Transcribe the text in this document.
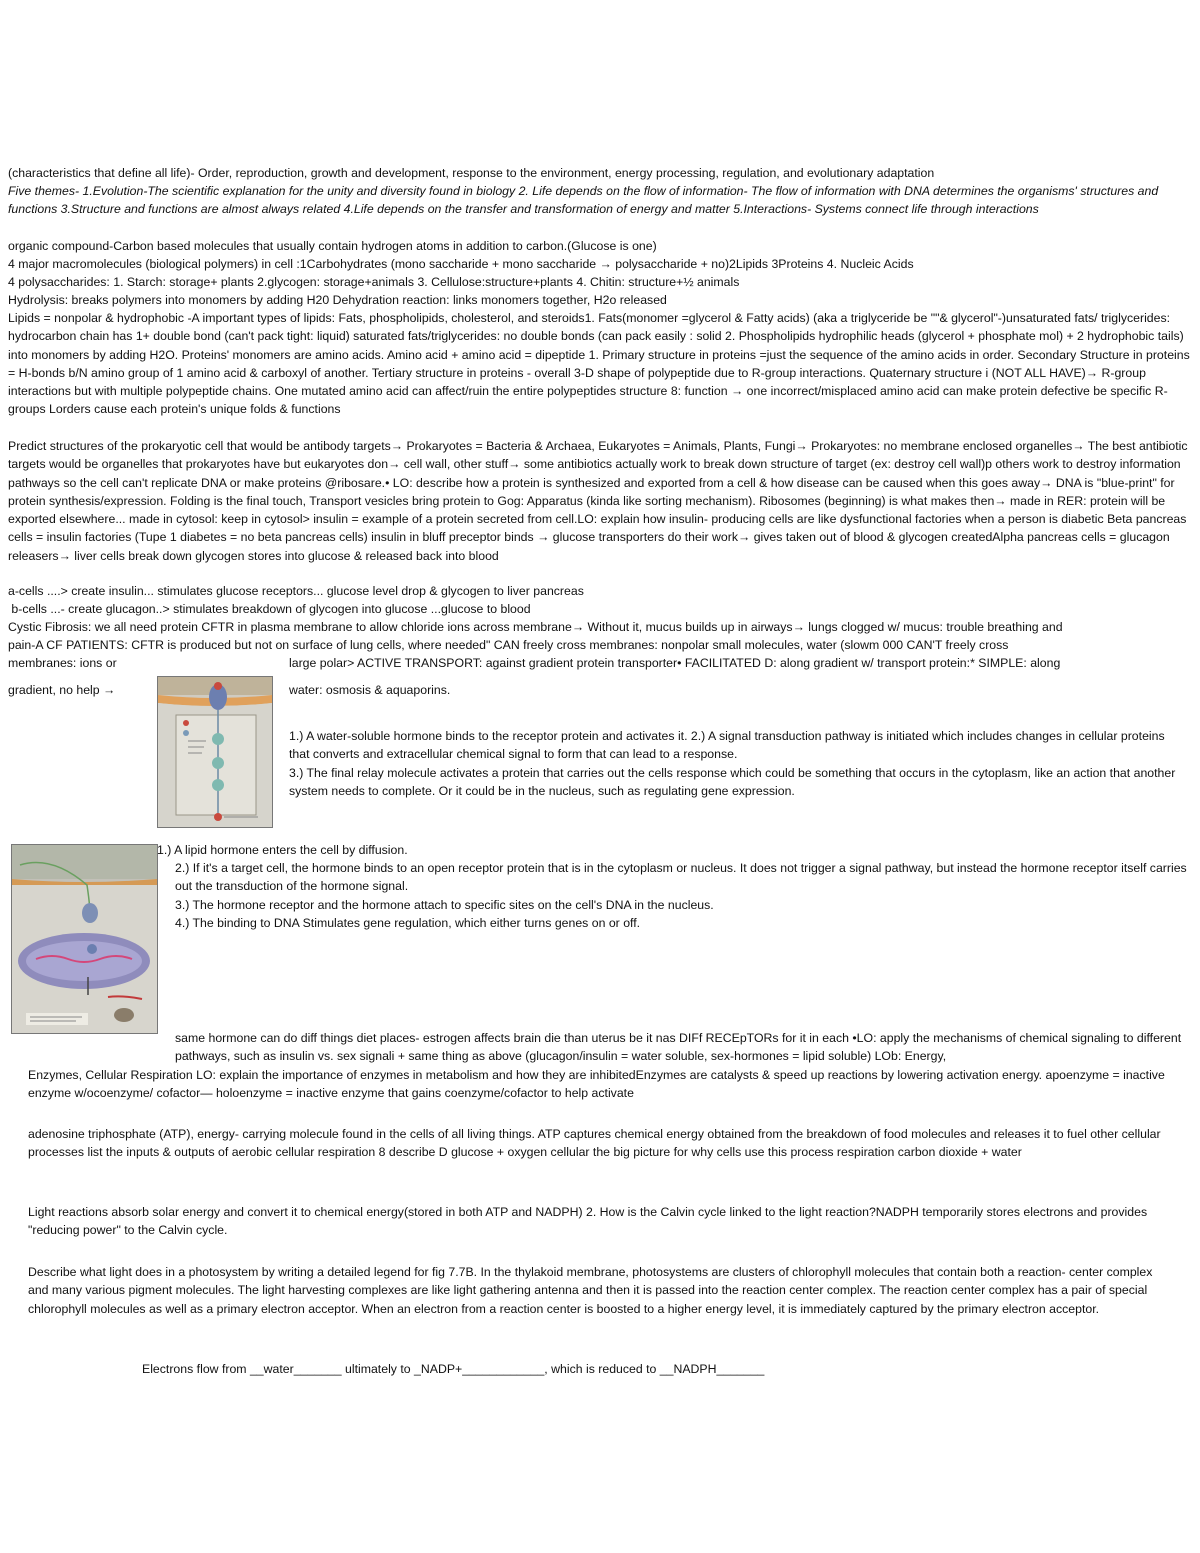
(characteristics that define all life)- Order, reproduction, growth and development, response to the environment, energy processing, regulation, and evolutionary adaptation

Five themes- 1.Evolution-The scientific explanation for the unity and diversity found in biology 2. Life depends on the flow of information- The flow of information with DNA determines the organisms' structures and functions 3.Structure and functions are almost always related 4.Life depends on the transfer and transformation of energy and matter 5.Interactions- Systems connect life through interactions

organic compound-Carbon based molecules that usually contain hydrogen atoms in addition to carbon.(Glucose is one)

4 major macromolecules (biological polymers) in cell :1Carbohydrates (mono saccharide + mono saccharide → polysaccharide + no)2Lipids 3Proteins 4. Nucleic Acids

4 polysaccharides: 1. Starch: storage+ plants 2.glycogen: storage+animals 3. Cellulose:structure+plants 4. Chitin: structure+½ animals

Hydrolysis: breaks polymers into monomers by adding H20 Dehydration reaction: links monomers together, H2o released

Lipids = nonpolar & hydrophobic -A important types of lipids: Fats, phospholipids, cholesterol, and steroids1. Fats(monomer =glycerol & Fatty acids) (aka a triglyceride be ""& glycerol"-)unsaturated fats/ triglycerides: hydrocarbon chain has 1+ double bond (can't pack tight: liquid) saturated fats/triglycerides: no double bonds (can pack easily : solid 2. Phospholipids hydrophilic heads (glycerol + phosphate mol) + 2 hydrophobic tails) into monomers by adding H2O. Proteins' monomers are amino acids. Amino acid + amino acid = dipeptide 1. Primary structure in proteins =just the sequence of the amino acids in order. Secondary Structure in proteins = H-bonds b/N amino group of 1 amino acid & carboxyl of another. Tertiary structure in proteins - overall 3-D shape of polypeptide due to R-group interactions. Quaternary structure i (NOT ALL HAVE)→ R-group interactions but with multiple polypeptide chains. One mutated amino acid can affect/ruin the entire polypeptides structure 8: function → one incorrect/misplaced amino acid can make protein defective be specific R- groups Lorders cause each protein's unique folds & functions

Predict structures of the prokaryotic cell that would be antibody targets→ Prokaryotes = Bacteria & Archaea, Eukaryotes = Animals, Plants, Fungi→ Prokaryotes: no membrane enclosed organelles→ The best antibiotic targets would be organelles that prokaryotes have but eukaryotes don→ cell wall, other stuff→ some antibiotics actually work to break down structure of target (ex: destroy cell wall)p others work to destroy information pathways so the cell can't replicate DNA or make proteins @ribosare.• LO: describe how a protein is synthesized and exported from a cell & how disease can be caused when this goes away→ DNA is "blue-print" for protein synthesis/expression. Folding is the final touch, Transport vesicles bring protein to Gog: Apparatus (kinda like sorting mechanism). Ribosomes (beginning) is what makes then→ made in RER: protein will be exported elsewhere... made in cytosol: keep in cytosol> insulin = example of a protein secreted from cell.LO: explain how insulin- producing cells are like dysfunctional factories when a person is diabetic Beta pancreas cells = insulin factories (Tupe 1 diabetes = no beta pancreas cells) insulin in bluff preceptor binds → glucose transporters do their work→ gives taken out of blood & glycogen createdAlpha pancreas cells = glucagon releasers→ liver cells break down glycogen stores into glucose & released back into blood

a-cells ....> create insulin... stimulates glucose receptors... glucose level drop & glycogen to liver pancreas

b-cells ...- create glucagon..> stimulates breakdown of glycogen into glucose ...glucose to blood

Cystic Fibrosis: we all need protein CFTR in plasma membrane to allow chloride ions across membrane→ Without it, mucus builds up in airways→ lungs clogged w/ mucus: trouble breathing and

pain-A CF PATIENTS: CFTR is produced but not on surface of lung cells, where needed" CAN freely cross membranes: nonpolar small molecules, water (slowm 000 CAN'T freely cross

membranes: ions or	large polar> ACTIVE TRANSPORT: against gradient protein transporter• FACILITATED D: along gradient w/ transport protein:* SIMPLE: along

gradient, no help →	water: osmosis & aquaporins.

1.) A water-soluble hormone binds to the receptor protein and activates it. 2.) A signal transduction pathway is initiated which includes changes in cellular proteins that converts and extracellular chemical signal to form that can lead to a response.

3.) The final relay molecule activates a protein that carries out the cells response which could be something that occurs in the cytoplasm, like an action that another system needs to complete. Or it could be in the nucleus, such as regulating gene expression.

1.) A lipid hormone enters the cell by diffusion.

2.) If it's a target cell, the hormone binds to an open receptor protein that is in the cytoplasm or nucleus. It does not trigger a signal pathway, but instead the hormone receptor itself carries out the transduction of the hormone signal.

3.) The hormone receptor and the hormone attach to specific sites on the cell's DNA in the nucleus.

4.) The binding to DNA Stimulates gene regulation, which either turns genes on or off.

same hormone can do diff things diet places- estrogen affects brain die than uterus be it nas DIFf RECEpTORs for it in each •LO: apply the mechanisms of chemical signaling to different pathways, such as insulin vs. sex signali + same thing as above (glucagon/insulin = water soluble, sex-hormones = lipid soluble) LOb: Energy,

Enzymes, Cellular Respiration LO: explain the importance of enzymes in metabolism and how they are inhibitedEnzymes are catalysts & speed up reactions by lowering activation energy. apoenzyme = inactive enzyme w/ocoenzyme/ cofactor— holoenzyme = inactive enzyme that gains coenzyme/cofactor to help activate

adenosine triphosphate (ATP), energy- carrying molecule found in the cells of all living things. ATP captures chemical energy obtained from the breakdown of food molecules and releases it to fuel other cellular processes list the inputs & outputs of aerobic cellular respiration 8 describe D glucose + oxygen cellular the big picture for why cells use this process respiration carbon dioxide + water

Light reactions absorb solar energy and convert it to chemical energy(stored in both ATP and NADPH) 2. How is the Calvin cycle linked to the light reaction?NADPH temporarily stores electrons and provides "reducing power" to the Calvin cycle.

Describe what light does in a photosystem by writing a detailed legend for fig 7.7B. In the thylakoid membrane, photosystems are clusters of chlorophyll molecules that contain both a reaction- center complex and many various pigment molecules. The light harvesting complexes are like light gathering antenna and then it is passed into the reaction center complex. The reaction center complex has a pair of special chlorophyll molecules as well as a primary electron acceptor. When an electron from a reaction center is boosted to a higher energy level, it is immediately captured by the primary electron acceptor.

Electrons flow from __water_______ ultimately to _NADP+____________, which is reduced to __NADPH_______
